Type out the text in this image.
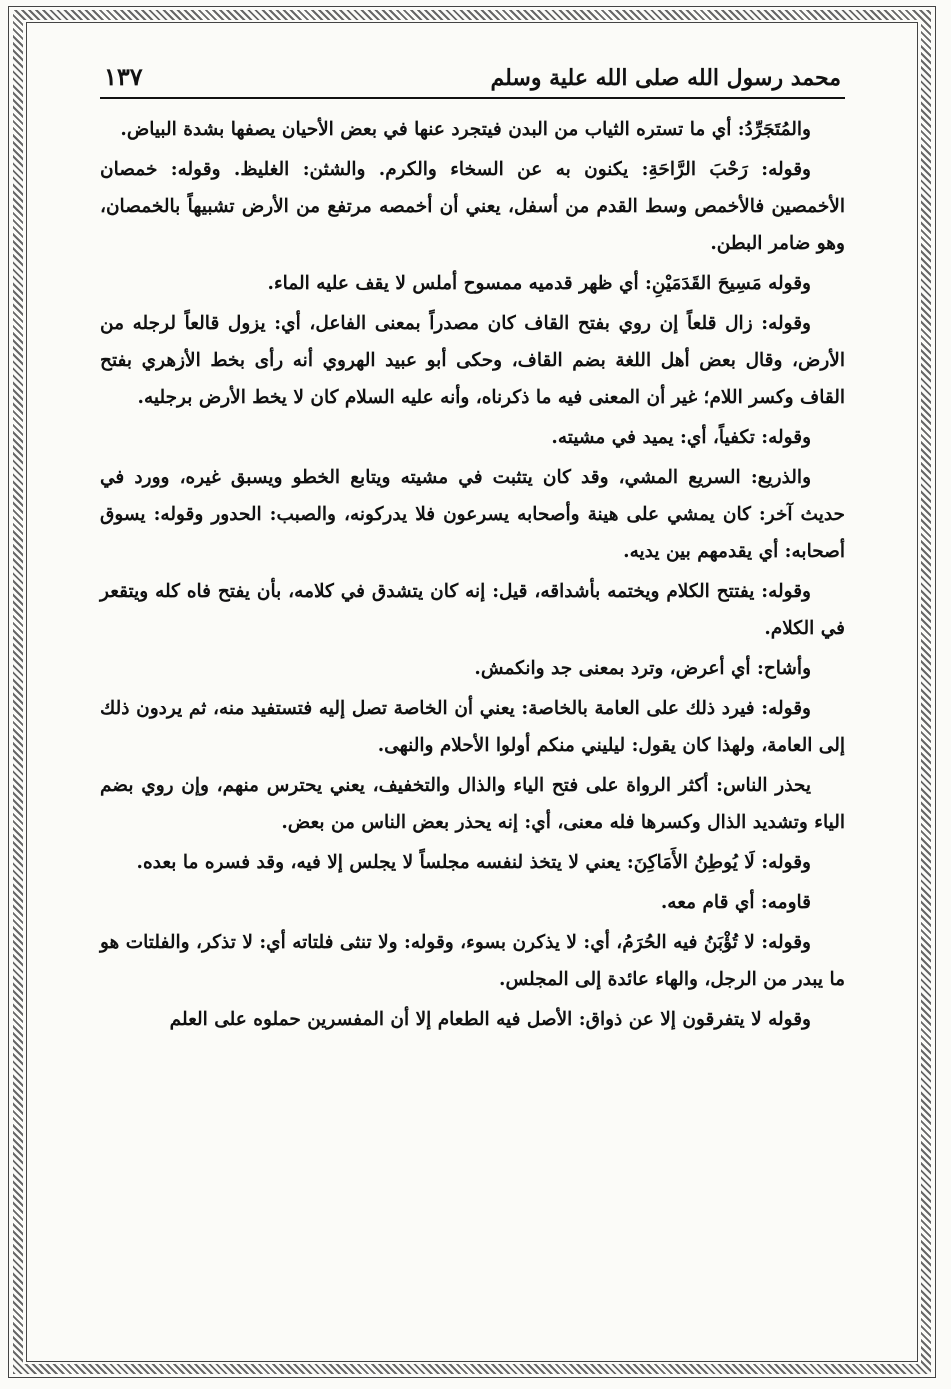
محمد رسول الله صلى الله علية وسلم
١٣٧

والمُتَجَرِّدُ: أي ما تستره الثياب من البدن فيتجرد عنها في بعض الأحيان يصفها بشدة البياض.

وقوله: رَحْبَ الرَّاحَةِ: يكنون به عن السخاء والكرم. والشثن: الغليظ. وقوله: خمصان الأخمصين فالأخمص وسط القدم من أسفل، يعني أن أخمصه مرتفع من الأرض تشبيهاً بالخمصان، وهو ضامر البطن.

وقوله مَسِيحَ القَدَمَيْنِ: أي ظهر قدميه ممسوح أملس لا يقف عليه الماء.

وقوله: زال قلعاً إن روي بفتح القاف كان مصدراً بمعنى الفاعل، أي: يزول قالعاً لرجله من الأرض، وقال بعض أهل اللغة بضم القاف، وحكى أبو عبيد الهروي أنه رأى بخط الأزهري بفتح القاف وكسر اللام؛ غير أن المعنى فيه ما ذكرناه، وأنه عليه السلام كان لا يخط الأرض برجليه.

وقوله: تكفياً، أي: يميد في مشيته.

والذريع: السريع المشي، وقد كان يتثبت في مشيته ويتابع الخطو ويسبق غيره، وورد في حديث آخر: كان يمشي على هينة وأصحابه يسرعون فلا يدركونه، والصبب: الحدور وقوله: يسوق أصحابه: أي يقدمهم بين يديه.

وقوله: يفتتح الكلام ويختمه بأشداقه، قيل: إنه كان يتشدق في كلامه، بأن يفتح فاه كله ويتقعر في الكلام.

وأشاح: أي أعرض، وترد بمعنى جد وانكمش.

وقوله: فيرد ذلك على العامة بالخاصة: يعني أن الخاصة تصل إليه فتستفيد منه، ثم يردون ذلك إلى العامة، ولهذا كان يقول: ليليني منكم أولوا الأحلام والنهى.

يحذر الناس: أكثر الرواة على فتح الياء والذال والتخفيف، يعني يحترس منهم، وإن روي بضم الياء وتشديد الذال وكسرها فله معنى، أي: إنه يحذر بعض الناس من بعض.

وقوله: لَا يُوطِنُ الأَمَاكِنَ: يعني لا يتخذ لنفسه مجلساً لا يجلس إلا فيه، وقد فسره ما بعده.

قاومه: أي قام معه.

وقوله: لا تُؤْبَنُ فيه الحُرَمُ، أي: لا يذكرن بسوء، وقوله: ولا تنثى فلتاته أي: لا تذكر، والفلتات هو ما يبدر من الرجل، والهاء عائدة إلى المجلس.

وقوله لا يتفرقون إلا عن ذواق: الأصل فيه الطعام إلا أن المفسرين حملوه على العلم
